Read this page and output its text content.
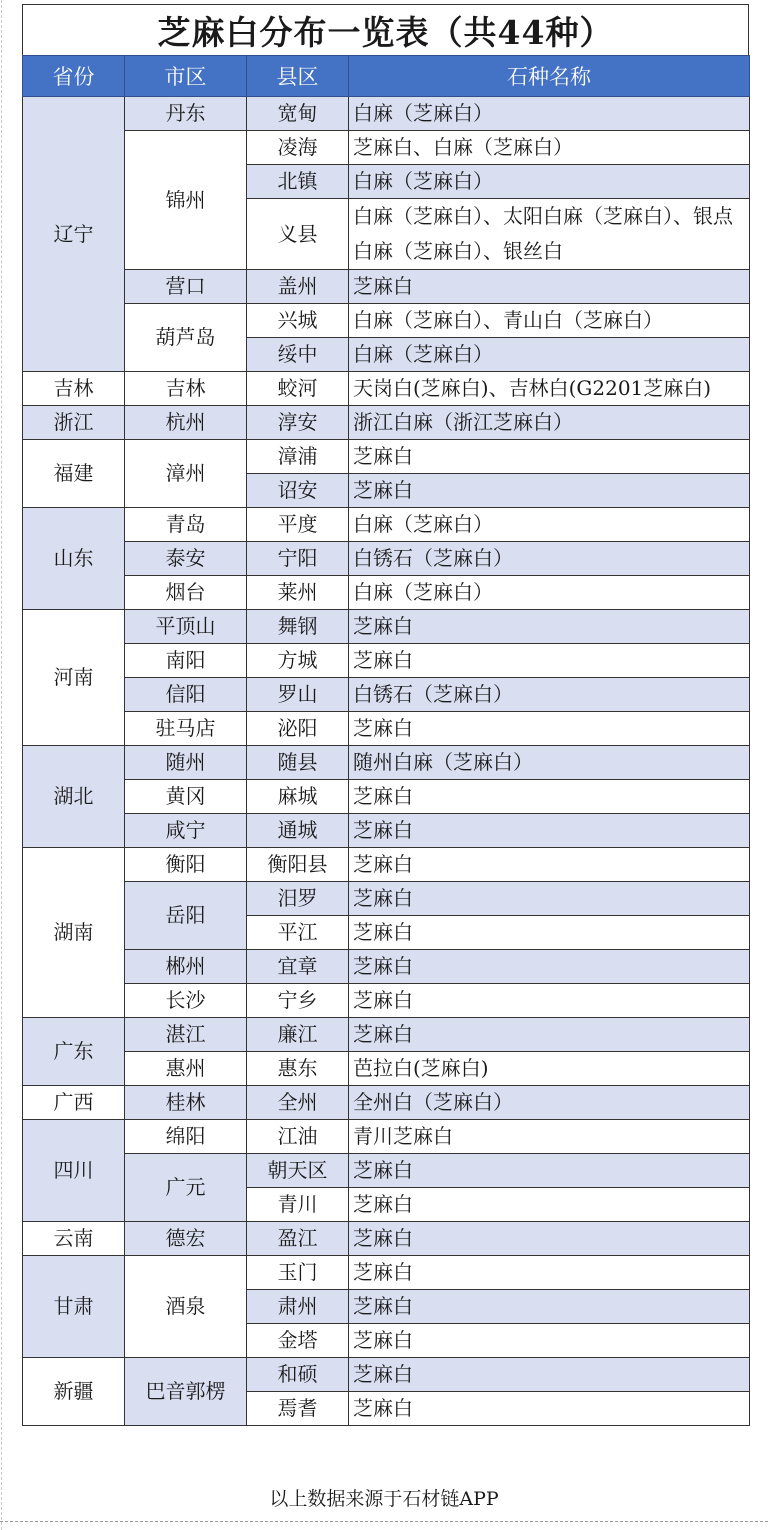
芝麻白分布一览表（共44种）
省份	市区	县区	石种名称
辽宁	丹东	宽甸	白麻（芝麻白）
	锦州	凌海	芝麻白、白麻（芝麻白）
		北镇	白麻（芝麻白）
		义县	白麻（芝麻白）、太阳白麻（芝麻白）、银点白麻（芝麻白）、银丝白
	营口	盖州	芝麻白
	葫芦岛	兴城	白麻（芝麻白）、青山白（芝麻白）
		绥中	白麻（芝麻白）
吉林	吉林	蛟河	天岗白(芝麻白)、吉林白(G2201芝麻白)
浙江	杭州	淳安	浙江白麻（浙江芝麻白）
福建	漳州	漳浦	芝麻白
		诏安	芝麻白
山东	青岛	平度	白麻（芝麻白）
	泰安	宁阳	白锈石（芝麻白）
	烟台	莱州	白麻（芝麻白）
河南	平顶山	舞钢	芝麻白
	南阳	方城	芝麻白
	信阳	罗山	白锈石（芝麻白）
	驻马店	泌阳	芝麻白
湖北	随州	随县	随州白麻（芝麻白）
	黄冈	麻城	芝麻白
	咸宁	通城	芝麻白
湖南	衡阳	衡阳县	芝麻白
	岳阳	汨罗	芝麻白
		平江	芝麻白
	郴州	宜章	芝麻白
	长沙	宁乡	芝麻白
广东	湛江	廉江	芝麻白
	惠州	惠东	芭拉白(芝麻白)
广西	桂林	全州	全州白（芝麻白）
四川	绵阳	江油	青川芝麻白
	广元	朝天区	芝麻白
		青川	芝麻白
云南	德宏	盈江	芝麻白
甘肃	酒泉	玉门	芝麻白
		肃州	芝麻白
		金塔	芝麻白
新疆	巴音郭楞	和硕	芝麻白
		焉耆	芝麻白
以上数据来源于石材链APP
